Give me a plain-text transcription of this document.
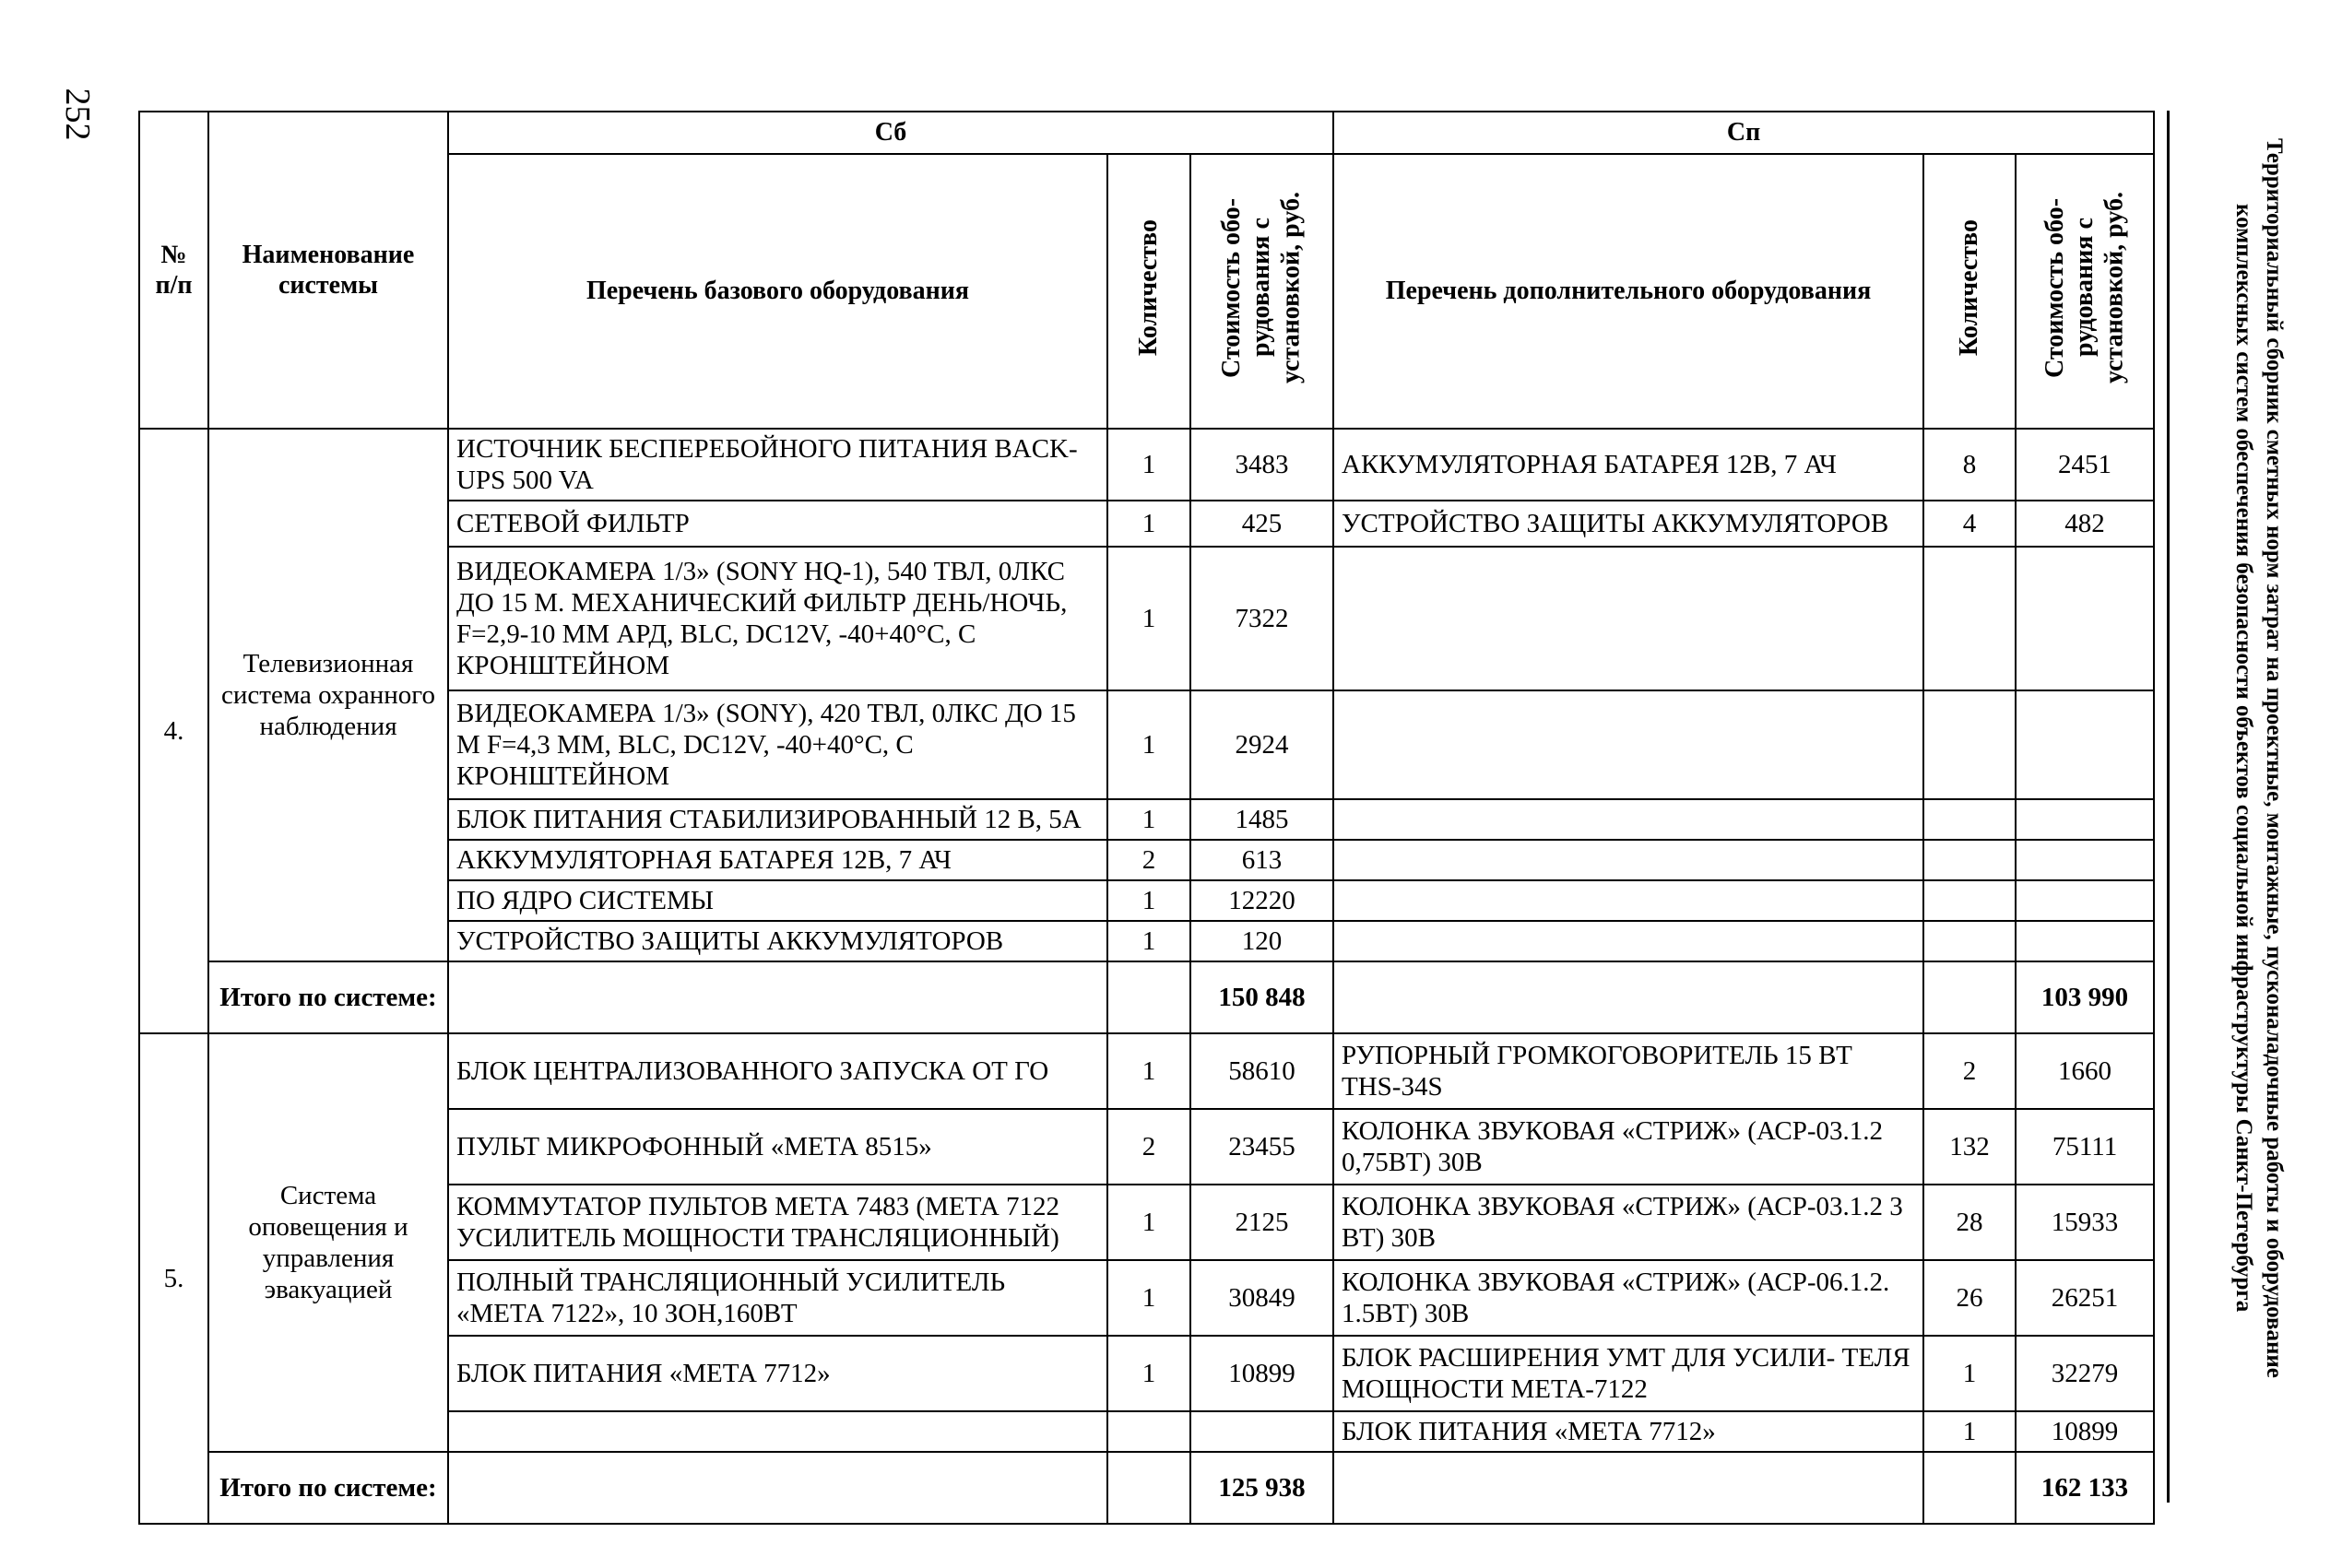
252
Территориальный сборник сметных норм затрат на проектные, монтажные, пусконаладочные работы и оборудование
комплексных систем обеспечения безопасности объектов социальной инфраструктуры Санкт-Петербурга
№ п/п	Наименование системы	Сб			Сп		
		Перечень базового оборудования	Количество	Стоимость обо- рудования с установкой, руб.	Перечень дополнительного оборудования	Количество	Стоимость обо- рудования с установкой, руб.
4.	Телевизионная система охранного наблюдения	ИСТОЧНИК БЕСПЕРЕБОЙНОГО ПИТАНИЯ BACK-UPS 500 VA	1	3483	АККУМУЛЯТОРНАЯ БАТАРЕЯ 12В, 7 АЧ	8	2451
		СЕТЕВОЙ ФИЛЬТР	1	425	УСТРОЙСТВО ЗАЩИТЫ АККУМУЛЯТОРОВ	4	482
		ВИДЕОКАМЕРА 1/3» (SONY HQ-1), 540 ТВЛ, 0ЛКС ДО 15 М. МЕХАНИЧЕСКИЙ ФИЛЬТР ДЕНЬ/НОЧЬ, F=2,9-10 MM АРД, BLC, DC12V, -40+40°С, С КРОНШТЕЙНОМ	1	7322			
		ВИДЕОКАМЕРА 1/3» (SONY), 420 ТВЛ, 0ЛКС ДО 15 М F=4,3 MM, BLC, DC12V, -40+40°С, С КРОНШТЕЙНОМ	1	2924			
		БЛОК ПИТАНИЯ СТАБИЛИЗИРОВАННЫЙ 12 В, 5А	1	1485			
		АККУМУЛЯТОРНАЯ БАТАРЕЯ 12В, 7 АЧ	2	613			
		ПО ЯДРО СИСТЕМЫ	1	12220			
		УСТРОЙСТВО ЗАЩИТЫ АККУМУЛЯТОРОВ	1	120			
	Итого по системе:			150 848			103 990
5.	Система оповещения и управления эвакуацией	БЛОК ЦЕНТРАЛИЗОВАННОГО ЗАПУСКА ОТ ГО	1	58610	РУПОРНЫЙ ГРОМКОГОВОРИТЕЛЬ 15 ВТ THS-34S	2	1660
		ПУЛЬТ МИКРОФОННЫЙ «МЕТА 8515»	2	23455	КОЛОНКА ЗВУКОВАЯ «СТРИЖ» (АСР-03.1.2 0,75ВТ) 30В	132	75111
		КОММУТАТОР ПУЛЬТОВ МЕТА 7483 (МЕТА 7122 УСИЛИТЕЛЬ МОЩНОСТИ ТРАНСЛЯЦИОННЫЙ)	1	2125	КОЛОНКА ЗВУКОВАЯ «СТРИЖ» (АСР-03.1.2 3 ВТ) 30В	28	15933
		ПОЛНЫЙ ТРАНСЛЯЦИОННЫЙ УСИЛИТЕЛЬ «МЕТА 7122», 10 ЗОН,160ВТ	1	30849	КОЛОНКА ЗВУКОВАЯ «СТРИЖ» (АСР-06.1.2. 1.5ВТ) 30В	26	26251
		БЛОК ПИТАНИЯ «МЕТА 7712»	1	10899	БЛОК РАСШИРЕНИЯ УМТ ДЛЯ УСИЛИ- ТЕЛЯ МОЩНОСТИ МЕТА-7122	1	32279
					БЛОК ПИТАНИЯ «МЕТА 7712»	1	10899
	Итого по системе:			125 938			162 133
